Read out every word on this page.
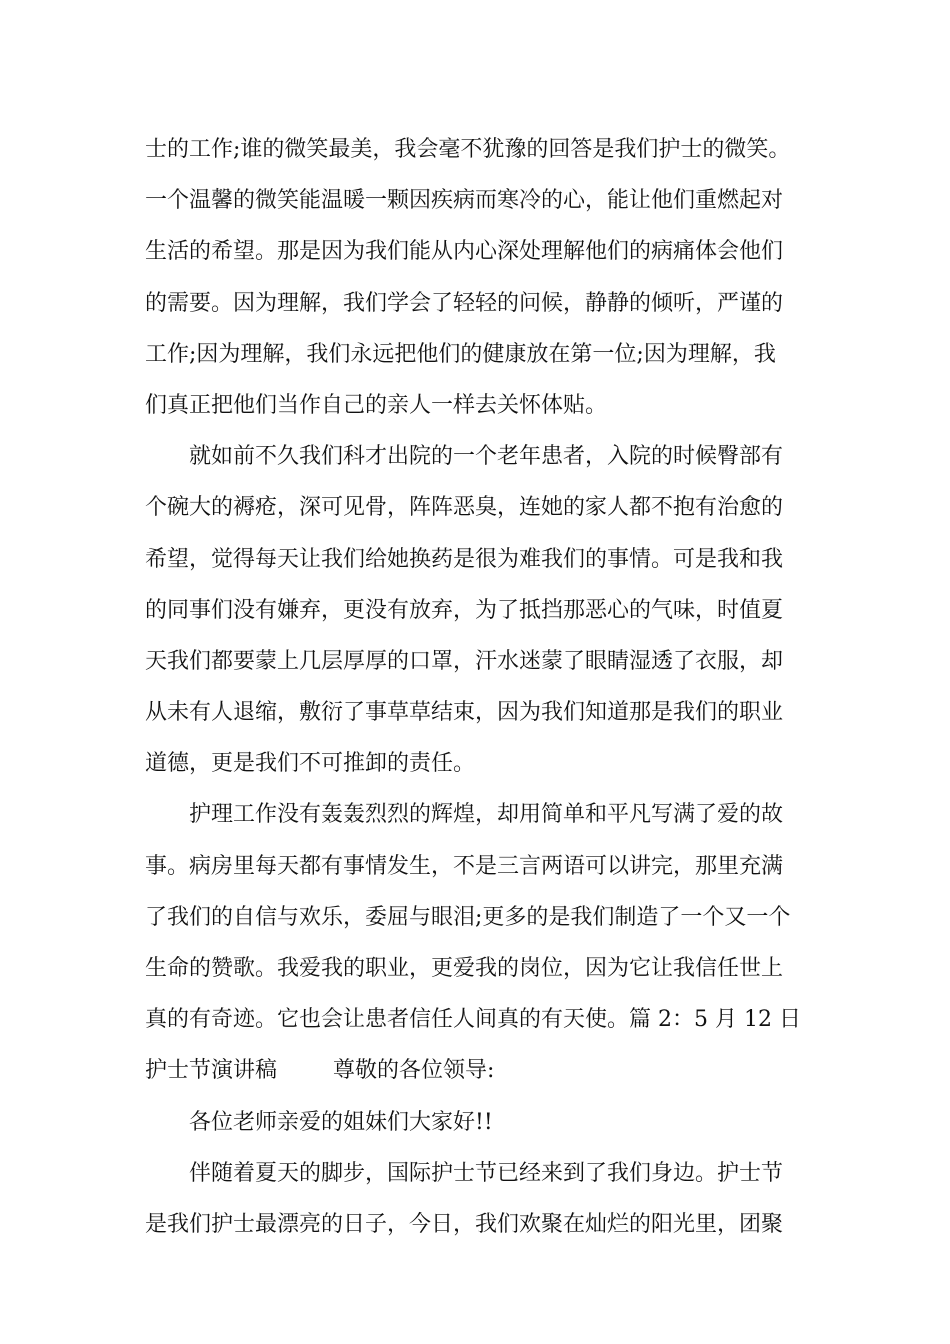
士的工作;谁的微笑最美，我会毫不犹豫的回答是我们护士的微笑。
一个温馨的微笑能温暖一颗因疾病而寒冷的心，能让他们重燃起对
生活的希望。那是因为我们能从内心深处理解他们的病痛体会他们
的需要。因为理解，我们学会了轻轻的问候，静静的倾听，严谨的
工作;因为理解，我们永远把他们的健康放在第一位;因为理解，我
们真正把他们当作自己的亲人一样去关怀体贴。
就如前不久我们科才出院的一个老年患者，入院的时候臀部有
个碗大的褥疮，深可见骨，阵阵恶臭，连她的家人都不抱有治愈的
希望，觉得每天让我们给她换药是很为难我们的事情。可是我和我
的同事们没有嫌弃，更没有放弃，为了抵挡那恶心的气味，时值夏
天我们都要蒙上几层厚厚的口罩，汗水迷蒙了眼睛湿透了衣服，却
从未有人退缩，敷衍了事草草结束，因为我们知道那是我们的职业
道德，更是我们不可推卸的责任。
护理工作没有轰轰烈烈的辉煌，却用简单和平凡写满了爱的故
事。病房里每天都有事情发生，不是三言两语可以讲完，那里充满
了我们的自信与欢乐，委屈与眼泪;更多的是我们制造了一个又一个
生命的赞歌。我爱我的职业，更爱我的岗位，因为它让我信任世上
真的有奇迹。它也会让患者信任人间真的有天使。篇 2：5 月 12 日
护士节演讲稿        尊敬的各位领导:
各位老师亲爱的姐妹们大家好!!
伴随着夏天的脚步，国际护士节已经来到了我们身边。护士节
是我们护士最漂亮的日子，今日，我们欢聚在灿烂的阳光里，团聚
